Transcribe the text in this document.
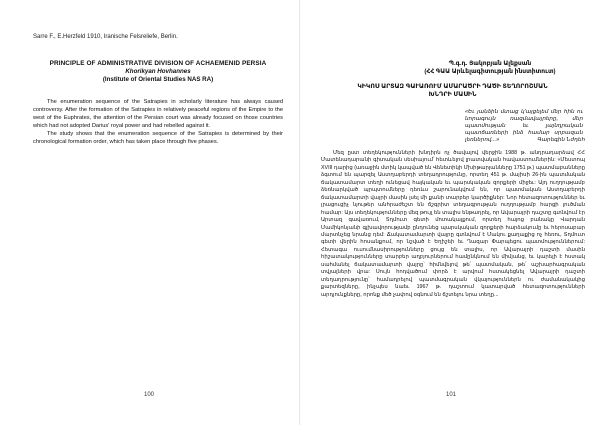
Sarre F., E.Herzfeld 1910, Iranische Felsreliefe, Berlin.
PRINCIPLE OF ADMINISTRATIVE DIVISION OF ACHAEMENID PERSIA
Khorikyan Hovhannes
(Institute of Oriental Studies NAS RA)

The enumeration sequence of the Satrapies in scholarly literature has always caused controversy. After the formation of the Satrapies in relatively peaceful regions of the Empire to the west of the Euphrates, the attention of the Persian court was already focused on those countries which had not adopted Darius' royal power and had rebelled against it.

The study shows that the enumeration sequence of the Satrapies is determined by their chronological formation order, which has taken place through five phases.

100
Պ.գ.դ. Յակոբյան Ալեքսան
(ՀՀ ԳԱԱ Արևելագիտության ինստիտուտ)
ԿԻԿՈՍ ԱՐՏԱԶ ԳԱՒԱՌՈՒՄ ԱՄԱՐԱԾՐԻ ԴԱԾԻ ՏԵՂՈՐՈՇՄԱՆ
ԽՆԴՐԻ ՄԱՍԻՆ
«Եւ յանձին մտաց կ'այցելեմ մեր հին ու նորագույն ռազմավայրերը, մեր պատմության եւ լայնդրական պատճառների ինձ համար սրբազան լեռներով...»	Գարեգին Նժդեհ

Մեզ ըստ տեղեկությունների խնդիրն ոչ ծավալով վերջին 1988 թ. անդրադարձավ ՀՀ Մատենադարանի գիտական սեսիայում՝ հետևելով լրատվական հավաստումներին: «Մեստոպ XVIII դարից (առաջին մտիկ կապված են Վենետիկի Մխիթարյանները 1751 թ.) պատմաբանները ձգտում են պարզել Աստղաբերդի տեղադրությունը, որտեղ 451 թ. մայիսի 26-ին պատմական ճակատամարտ տեղի ունեցավ հայկական եւ պարսկական զորքերի միջեւ: Այդ ուղղությամբ ձեռնարկված պրպտումները դեռևս շարունակվում են, որ պատմական Աստղաբերդի ճակատամարտի վայրի մասին լսել մի քանի տարբեր կարծիքներ: Նոր հետազոտություններ եւ լրացուցիչ նյութեր անհրաժեշտ են ճշգրիտ տեղագրության ուղղությամբ հարցի լուծման համար: Այս տեղեկությունները մեզ թույլ են տալիս ենթադրել, որ Ավարայրի դաշտը գտնվում էր Արտազ գավառում, Տղմուտ գետի մոտակայքում, որտեղ հայոց բանակը Վարդան Մամիկոնյանի գլխավորությամբ ընդունեց պարսկական զորքերի հարձակումը եւ հերոսաբար մարտնչեց նրանց դեմ: Ճակատամարտի վայրը գտնվում է Մակու քաղաքից ոչ հեռու, Տղմուտ գետի վերին հոսանքում, որ նշված է Եղիշեի եւ Ղազար Փարպեցու պատմություններում: Հետագա ուսումնասիրությունները ցույց են տալիս, որ Ավարայրի դաշտի մասին հիշատակությունները տարբեր աղբյուրներում համընկնում են միմյանց, եւ կարելի է հստակ սահմանել ճակատամարտի վայրը՝ հիմնվելով թե՛ պատմական, թե՛ աշխարհագրական տվյալների վրա: Սույն հոդվածում փորձ է արվում հստակեցնել Ավարայրի դաշտի տեղադրությունը՝ համադրելով պատմագրական վկայություններն ու ժամանակակից քարտեզները, ինչպես նաեւ 1967 թ. դաշտում կատարված հետազոտությունների արդյունքները, որոնք մեծ չափով օգնում են ճշտելու նրա տեղը...

101
